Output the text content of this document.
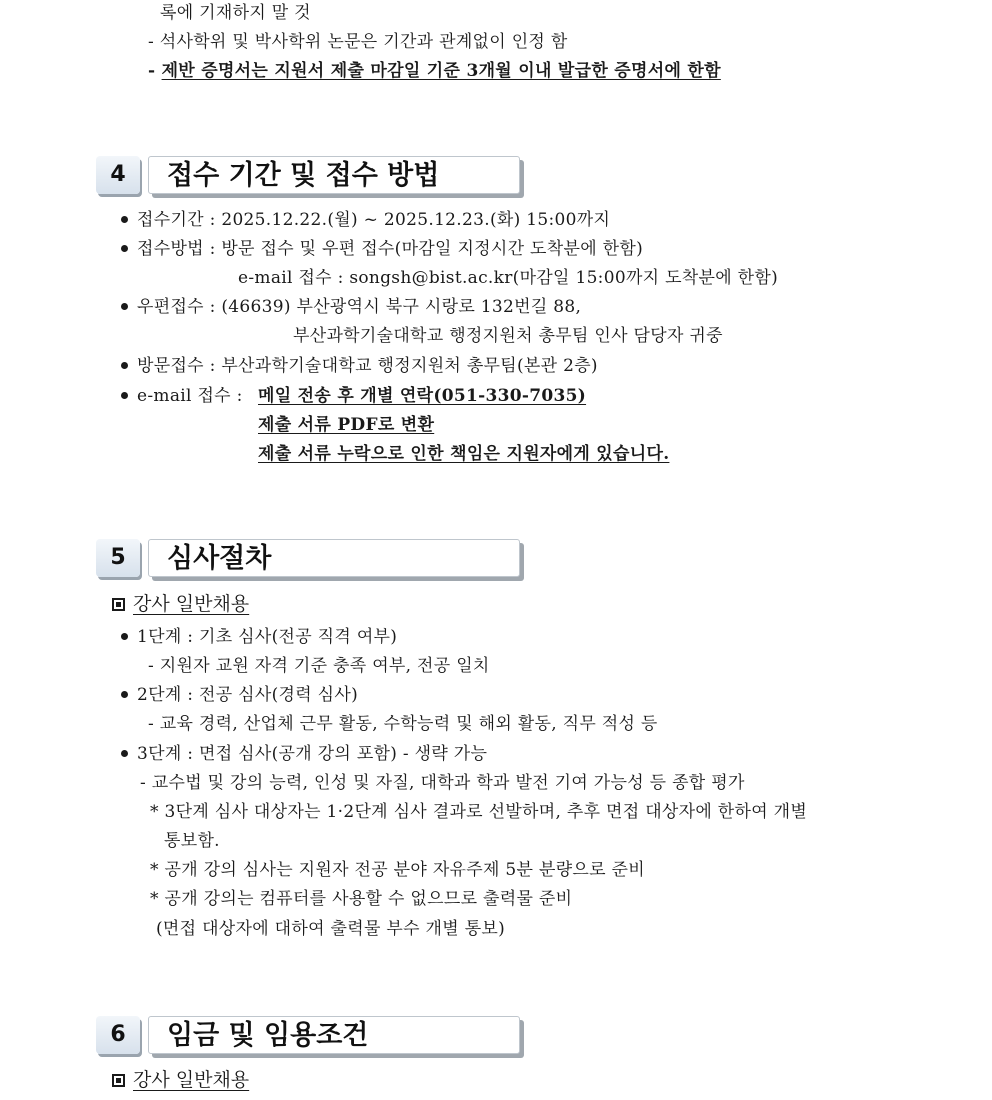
록에 기재하지 말 것
- 석사학위 및 박사학위 논문은 기간과 관계없이 인정 함
- 제반 증명서는 지원서 제출 마감일 기준 3개월 이내 발급한 증명서에 한함
4	접수 기간 및 접수 방법
접수기간 : 2025.12.22.(월) ~ 2025.12.23.(화) 15:00까지
접수방법 : 방문 접수 및 우편 접수(마감일 지정시간 도착분에 한함)
e-mail 접수 : songsh@bist.ac.kr(마감일 15:00까지 도착분에 한함)
우편접수 : (46639) 부산광역시 북구 시랑로 132번길 88,
부산과학기술대학교 행정지원처 총무팀 인사 담당자 귀중
방문접수 : 부산과학기술대학교 행정지원처 총무팀(본관 2층)
e-mail 접수 : 메일 전송 후 개별 연락(051-330-7035)
제출 서류 PDF로 변환
제출 서류 누락으로 인한 책임은 지원자에게 있습니다.
5	심사절차
강사 일반채용
1단계 : 기초 심사(전공 직격 여부)
- 지원자 교원 자격 기준 충족 여부, 전공 일치
2단계 : 전공 심사(경력 심사)
- 교육 경력, 산업체 근무 활동, 수학능력 및 해외 활동, 직무 적성 등
3단계 : 면접 심사(공개 강의 포함) - 생략 가능
- 교수법 및 강의 능력, 인성 및 자질, 대학과 학과 발전 기여 가능성 등 종합 평가
* 3단계 심사 대상자는 1·2단계 심사 결과로 선발하며, 추후 면접 대상자에 한하여 개별
통보함.
* 공개 강의 심사는 지원자 전공 분야 자유주제 5분 분량으로 준비
* 공개 강의는 컴퓨터를 사용할 수 없으므로 출력물 준비
(면접 대상자에 대하여 출력물 부수 개별 통보)
6	임금 및 임용조건
강사 일반채용
